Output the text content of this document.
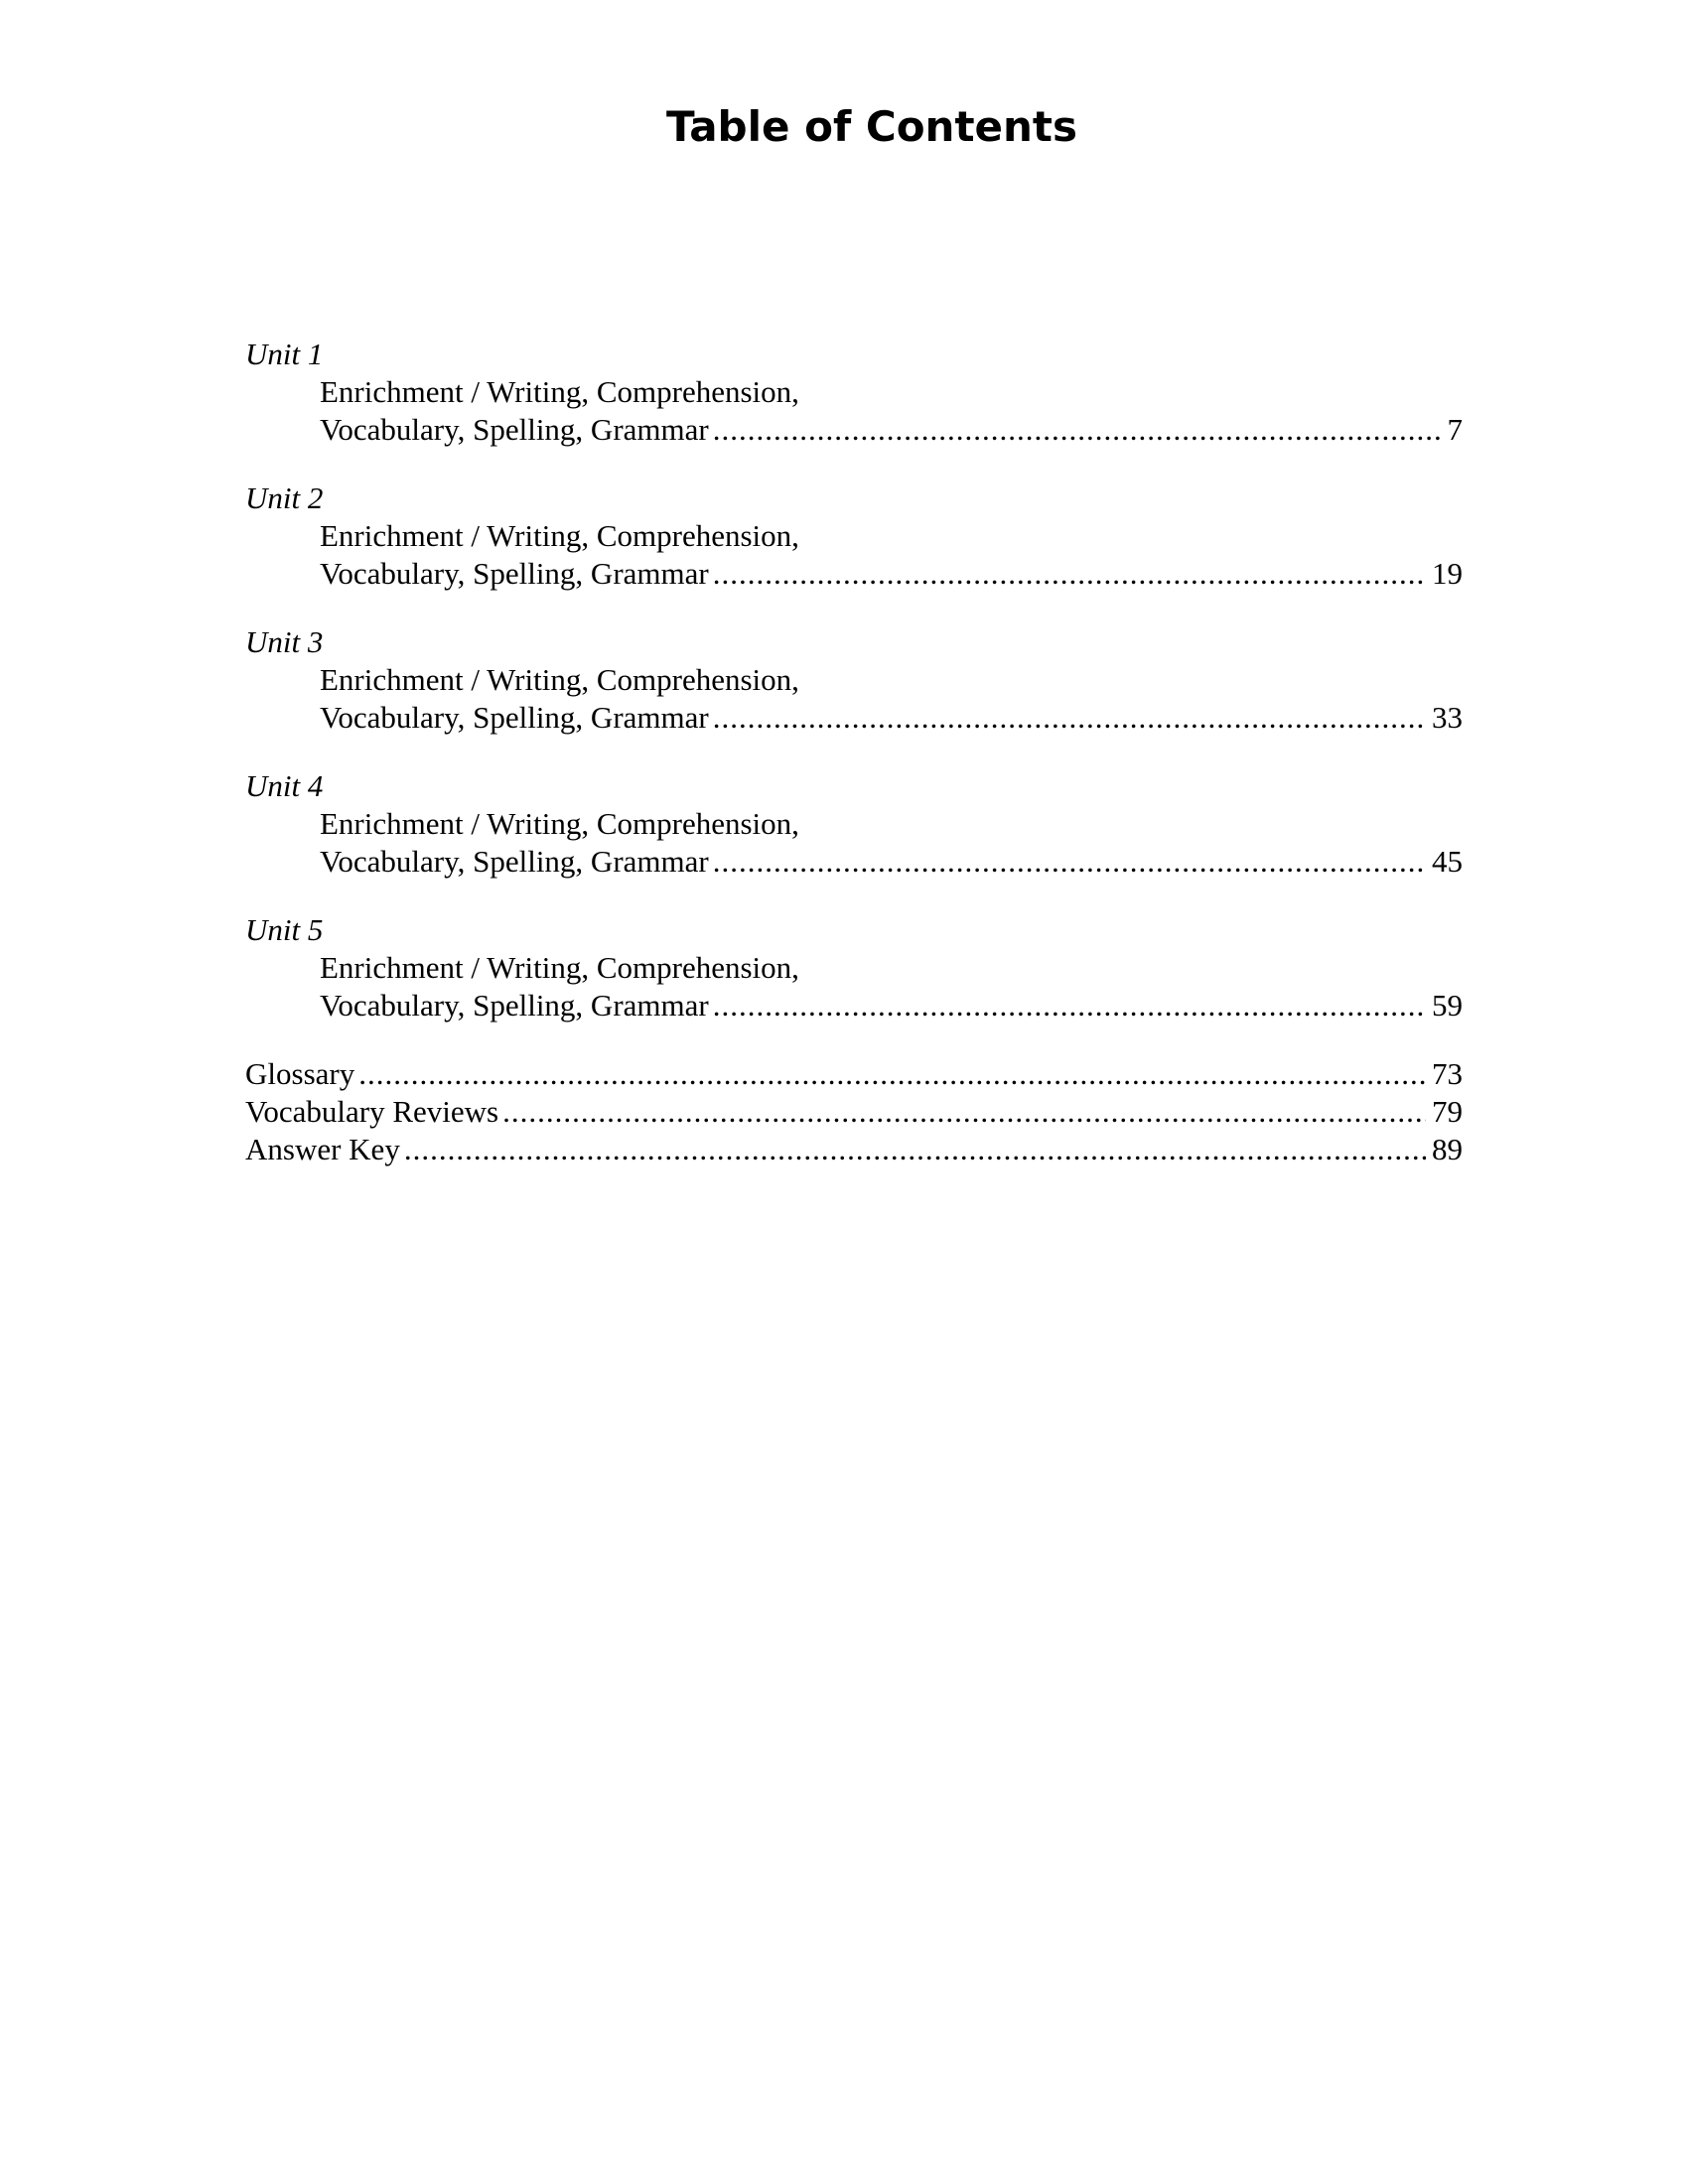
Table of Contents
Unit 1
Enrichment / Writing, Comprehension,
Vocabulary, Spelling, Grammar .....	7
Unit 2
Enrichment / Writing, Comprehension,
Vocabulary, Spelling, Grammar .....	19
Unit 3
Enrichment / Writing, Comprehension,
Vocabulary, Spelling, Grammar .....	33
Unit 4
Enrichment / Writing, Comprehension,
Vocabulary, Spelling, Grammar .....	45
Unit 5
Enrichment / Writing, Comprehension,
Vocabulary, Spelling, Grammar .....	59
Glossary .....	73
Vocabulary Reviews .....	79
Answer Key .....	89
